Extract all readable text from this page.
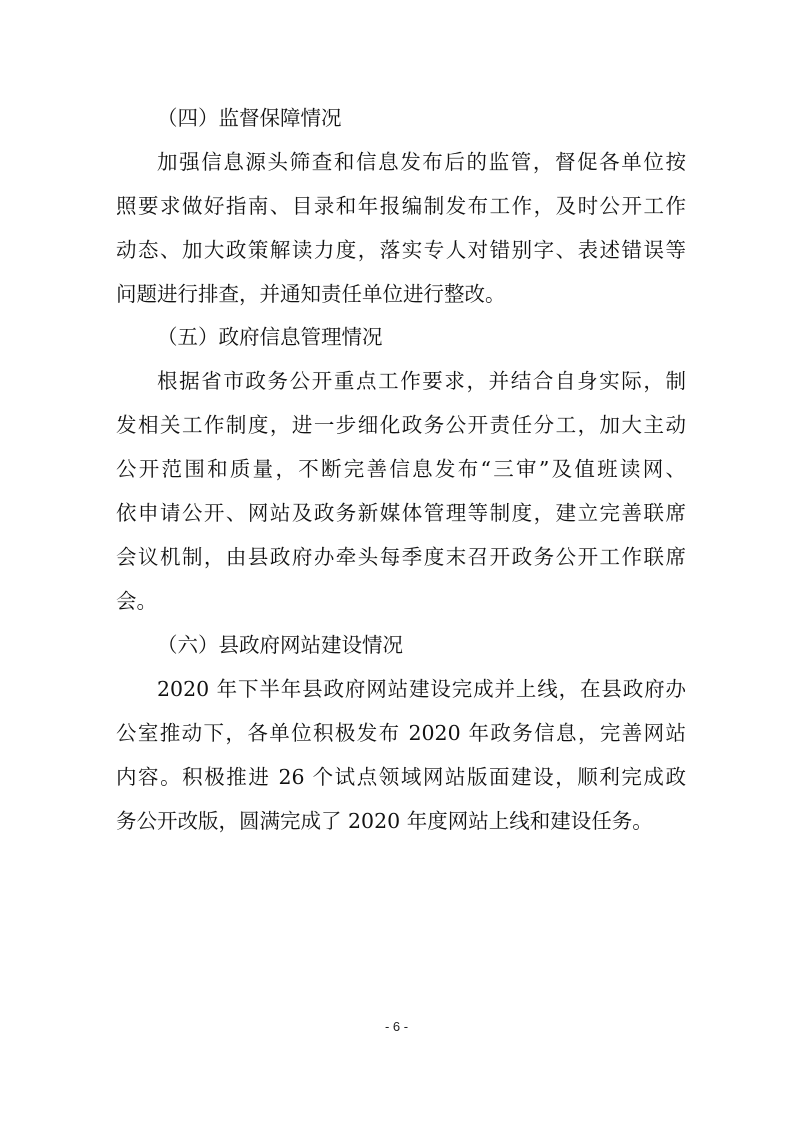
（四）监督保障情况
加强信息源头筛查和信息发布后的监管，督促各单位按
照要求做好指南、目录和年报编制发布工作，及时公开工作
动态、加大政策解读力度，落实专人对错别字、表述错误等
问题进行排查，并通知责任单位进行整改。
（五）政府信息管理情况
根据省市政务公开重点工作要求，并结合自身实际，制
发相关工作制度，进一步细化政务公开责任分工，加大主动
公开范围和质量，不断完善信息发布“三审”及值班读网、
依申请公开、网站及政务新媒体管理等制度，建立完善联席
会议机制，由县政府办牵头每季度末召开政务公开工作联席
会。
（六）县政府网站建设情况
2020 年下半年县政府网站建设完成并上线，在县政府办
公室推动下，各单位积极发布 2020 年政务信息，完善网站
内容。积极推进 26 个试点领域网站版面建设，顺利完成政
务公开改版，圆满完成了 2020 年度网站上线和建设任务。
- 6 -
